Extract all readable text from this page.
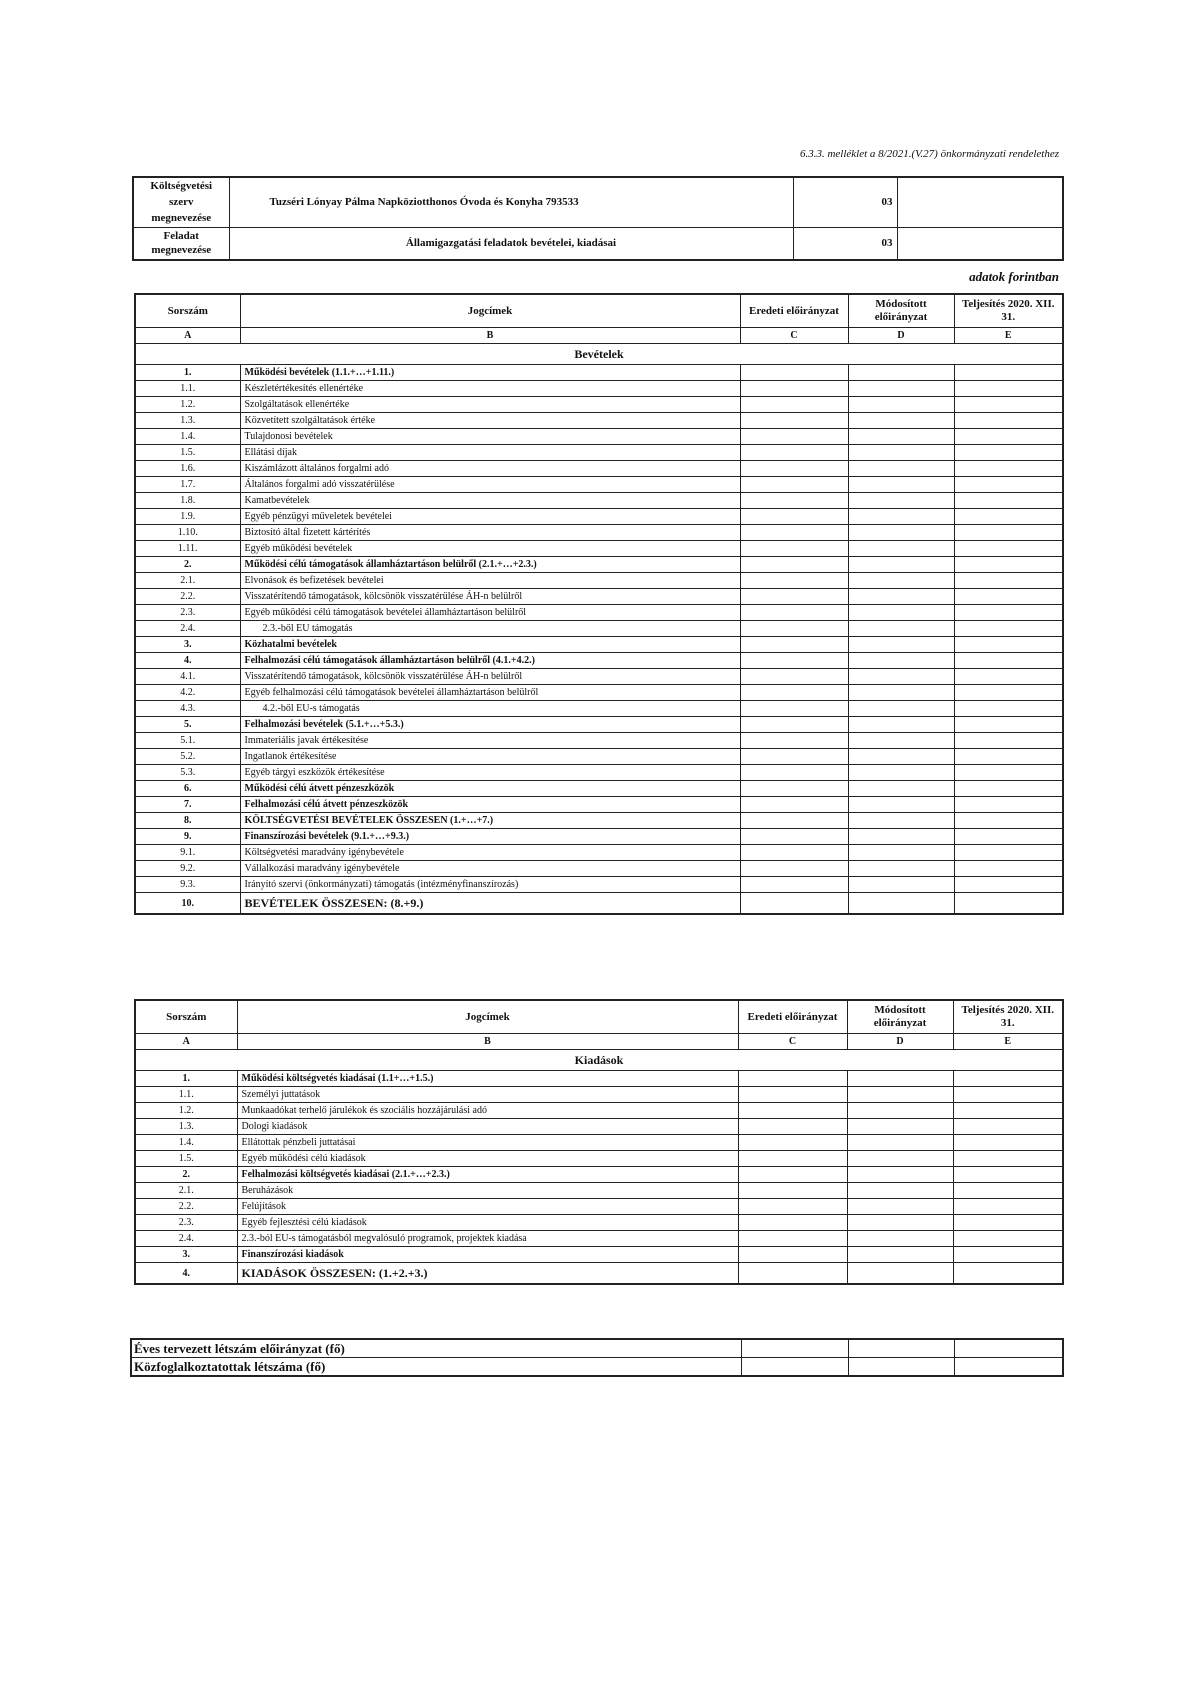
6.3.3. melléklet a 8/2021.(V.27) önkormányzati rendelethez
Költségvetési szerv megnevezése	Tuzséri Lónyay Pálma Napköziotthonos Óvoda és Konyha 793533	03	
Feladat megnevezése	Államigazgatási feladatok bevételei, kiadásai	03	
adatok forintban
Sorszám	Jogcímek	Eredeti előirányzat	Módosított előirányzat	Teljesítés 2020. XII. 31.
A	B	C	D	E
Bevételek				
1.	Működési bevételek (1.1.+…+1.11.)			
1.1.	Készletértékesítés ellenértéke			
1.2.	Szolgáltatások ellenértéke			
1.3.	Közvetített szolgáltatások értéke			
1.4.	Tulajdonosi bevételek			
1.5.	Ellátási díjak			
1.6.	Kiszámlázott általános forgalmi adó			
1.7.	Általános forgalmi adó visszatérülése			
1.8.	Kamatbevételek			
1.9.	Egyéb pénzügyi műveletek bevételei			
1.10.	Biztosító által fizetett kártérítés			
1.11.	Egyéb működési bevételek			
2.	Működési célú támogatások államháztartáson belülről (2.1.+…+2.3.)			
2.1.	Elvonások és befizetések bevételei			
2.2.	Visszatérítendő támogatások, kölcsönök visszatérülése ÁH-n belülről			
2.3.	Egyéb működési célú támogatások bevételei államháztartáson belülről			
2.4.	2.3.-ből EU támogatás			
3.	Közhatalmi bevételek			
4.	Felhalmozási célú támogatások államháztartáson belülről (4.1.+4.2.)			
4.1.	Visszatérítendő támogatások, kölcsönök visszatérülése ÁH-n belülről			
4.2.	Egyéb felhalmozási célú támogatások bevételei államháztartáson belülről			
4.3.	4.2.-ből EU-s támogatás			
5.	Felhalmozási bevételek (5.1.+…+5.3.)			
5.1.	Immateriális javak értékesítése			
5.2.	Ingatlanok értékesítése			
5.3.	Egyéb tárgyi eszközök értékesítése			
6.	Működési célú átvett pénzeszközök			
7.	Felhalmozási célú átvett pénzeszközök			
8.	KÖLTSÉGVETÉSI BEVÉTELEK ÖSSZESEN (1.+…+7.)			
9.	Finanszírozási bevételek (9.1.+…+9.3.)			
9.1.	Költségvetési maradvány igénybevétele			
9.2.	Vállalkozási maradvány igénybevétele			
9.3.	Irányító szervi (önkormányzati) támogatás (intézményfinanszírozás)			
10.	BEVÉTELEK ÖSSZESEN: (8.+9.)			
Sorszám	Jogcímek	Eredeti előirányzat	Módosított előirányzat	Teljesítés 2020. XII. 31.
A	B	C	D	E
Kiadások				
1.	Működési költségvetés kiadásai (1.1+…+1.5.)			
1.1.	Személyi juttatások			
1.2.	Munkaadókat terhelő járulékok és szociális hozzájárulási adó			
1.3.	Dologi kiadások			
1.4.	Ellátottak pénzbeli juttatásai			
1.5.	Egyéb működési célú kiadások			
2.	Felhalmozási költségvetés kiadásai (2.1.+…+2.3.)			
2.1.	Beruházások			
2.2.	Felújítások			
2.3.	Egyéb fejlesztési célú kiadások			
2.4.	2.3.-ból EU-s támogatásból megvalósuló programok, projektek kiadása			
3.	Finanszírozási kiadások			
4.	KIADÁSOK ÖSSZESEN: (1.+2.+3.)			
Éves tervezett létszám előirányzat (fő)			
Közfoglalkoztatottak létszáma (fő)			
